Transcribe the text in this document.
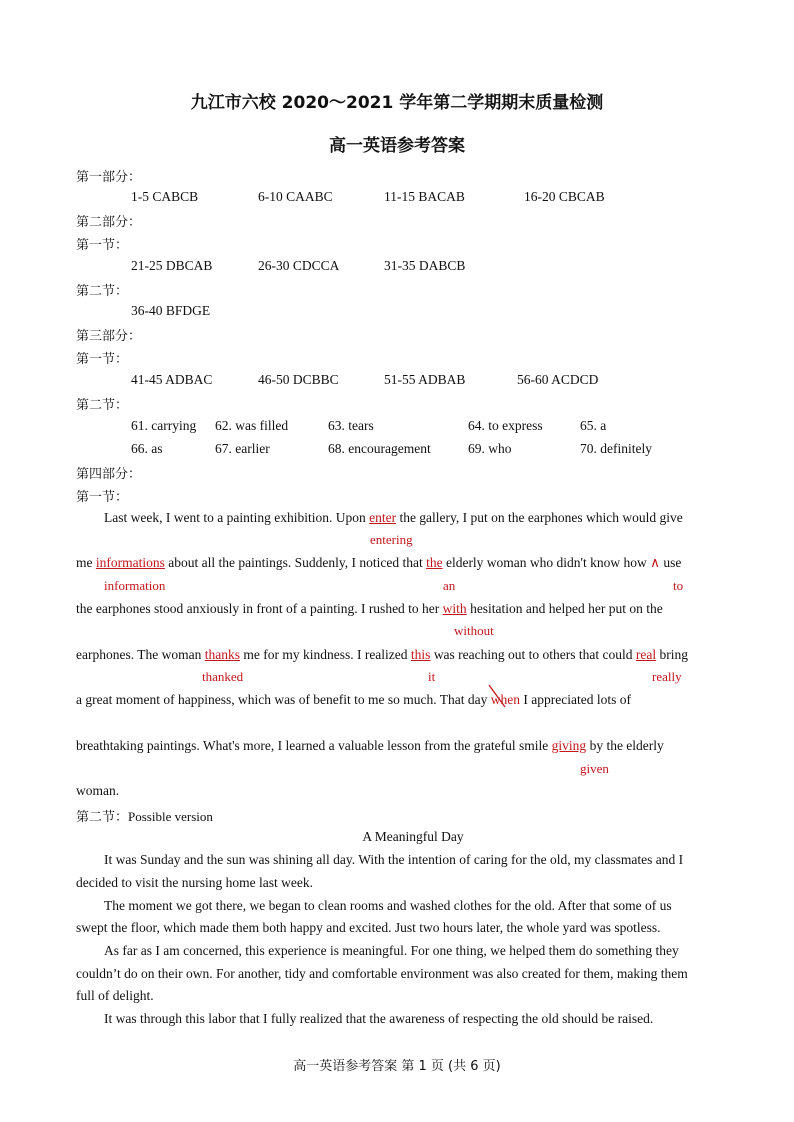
九江市六校 2020～2021 学年第二学期期末质量检测
高一英语参考答案
第一部分：
1-5 CABCB	6-10 CAABC	11-15 BACAB	16-20 CBCAB
第二部分：
第一节：
21-25 DBCAB	26-30 CDCCA	31-35 DABCB
第二节：
36-40 BFDGE
第三部分：
第一节：
41-45 ADBAC	46-50 DCBBC	51-55 ADBAB	56-60 ACDCD
第二节：
61. carrying 62. was filled	63. tears	64. to express	65. a
66. as	67. earlier	68. encouragement	69. who	70. definitely
第四部分：
第一节：
Last week, I went to a painting exhibition. Upon enter the gallery, I put on the earphones which would give
entering
me informations about all the paintings. Suddenly, I noticed that the elderly woman who didn't know how ∧ use
information	an	to
the earphones stood anxiously in front of a painting. I rushed to her with hesitation and helped her put on the
without
earphones. The woman thanks me for my kindness. I realized this was reaching out to others that could real bring
thanked	it	really
a great moment of happiness, which was of benefit to me so much. That day when
I appreciated lots of
breathtaking paintings. What's more, I learned a valuable lesson from the grateful smile giving by the elderly
given
woman.
第二节：Possible version
A Meaningful Day
It was Sunday and the sun was shining all day. With the intention of caring for the old, my classmates and I
decided to visit the nursing home last week.
The moment we got there, we began to clean rooms and washed clothes for the old. After that some of us
swept the floor, which made them both happy and excited. Just two hours later, the whole yard was spotless.
As far as I am concerned, this experience is meaningful. For one thing, we helped them do something they
couldn’t do on their own. For another, tidy and comfortable environment was also created for them, making them
full of delight.
It was through this labor that I fully realized that the awareness of respecting the old should be raised.
高一英语参考答案 第 1 页 (共 6 页)
